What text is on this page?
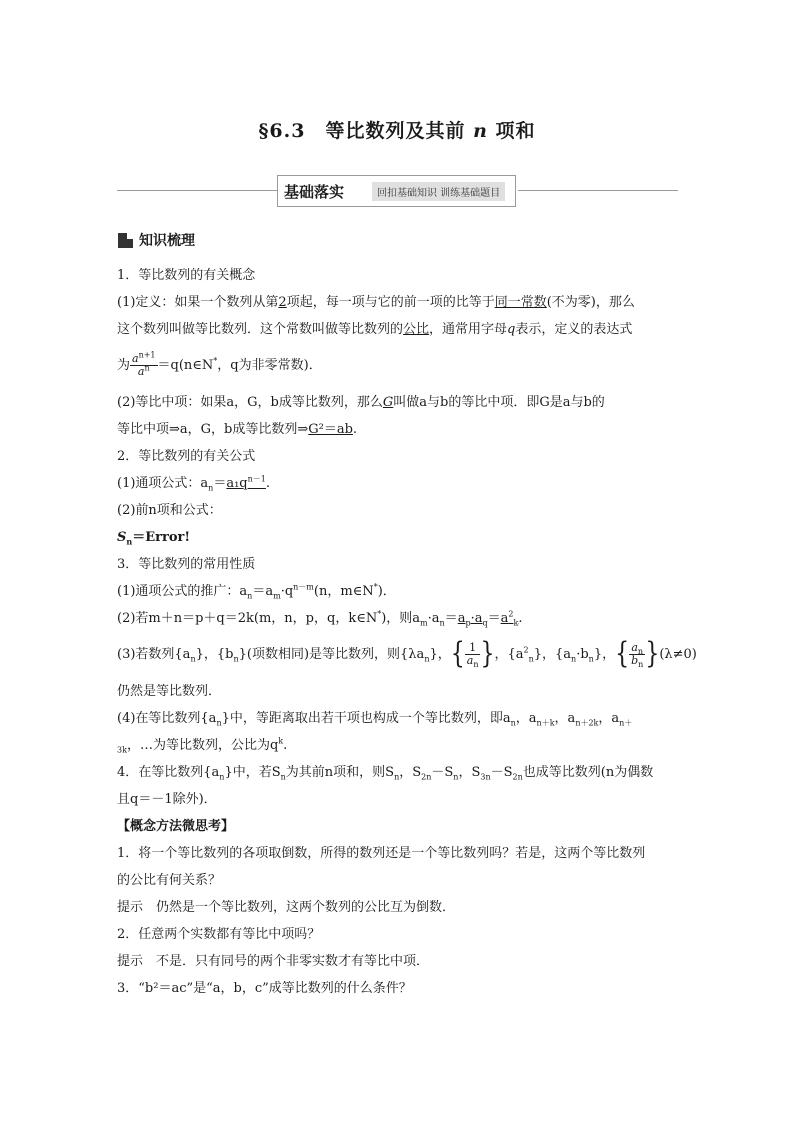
§6.3　等比数列及其前 n 项和
基础落实	回扣基础知识 训练基础题目
知识梳理
1．等比数列的有关概念
(1)定义：如果一个数列从第2项起，每一项与它的前一项的比等于同一常数(不为零)，那么
这个数列叫做等比数列．这个常数叫做等比数列的公比，通常用字母q表示，定义的表达式
为 $\frac{a^{n+1}}{a^n}$ ＝q(n∈N*，q为非零常数)．
(2)等比中项：如果a，G，b成等比数列，那么G叫做a与b的等比中项．即G是a与b的
等比中项⇒a，G，b成等比数列⇒G²＝ab.
2．等比数列的有关公式
(1)通项公式：$a_n=a_1q^{n-1}$.
(2)前n项和公式：
$S_n=Error$!
3．等比数列的常用性质
(1)通项公式的推广：$a_n=a_m\cdot q^{n-m}(n$，m∈N*)．
(2)若m＋n＝p＋q＝2k(m，n，p，q，k∈N*)，则$a_m\cdot a_n=a_p\cdot a_q=a^2_k$.
(3)若数列$\{a_n\}$，$\{b_n\}$(项数相同)是等比数列，则$\{\lambda a_n\}$，{ $\frac{1}{a_n}$ }，$\{a^2_n\}$，$\{a_n\cdot b_n\}$，{ $\frac{a_n}{b_n} \}(\lambda\ne 0)$
仍然是等比数列．
(4)在等比数列$\{a_n\}$中，等距离取出若干项也构成一个等比数列，即$a_n$，$a_{n+k}$，$a_{n+2k}$，$a_{n+}$
$_{3k}$，…为等比数列，公比为$q^k$.
4．在等比数列$\{a_n\}$中，若$S_n$为其前n项和，则$S_n$，$S_{2n}-S_n$，$S_{3n}-S_{2n}$也成等比数列(n为偶数
且q＝－1除外)．
【概念方法微思考】
1．将一个等比数列的各项取倒数，所得的数列还是一个等比数列吗？若是，这两个等比数列
的公比有何关系？
提示　仍然是一个等比数列，这两个数列的公比互为倒数．
2．任意两个实数都有等比中项吗？
提示　不是．只有同号的两个非零实数才有等比中项．
3．“b²＝ac”是“a，b，c”成等比数列的什么条件？
